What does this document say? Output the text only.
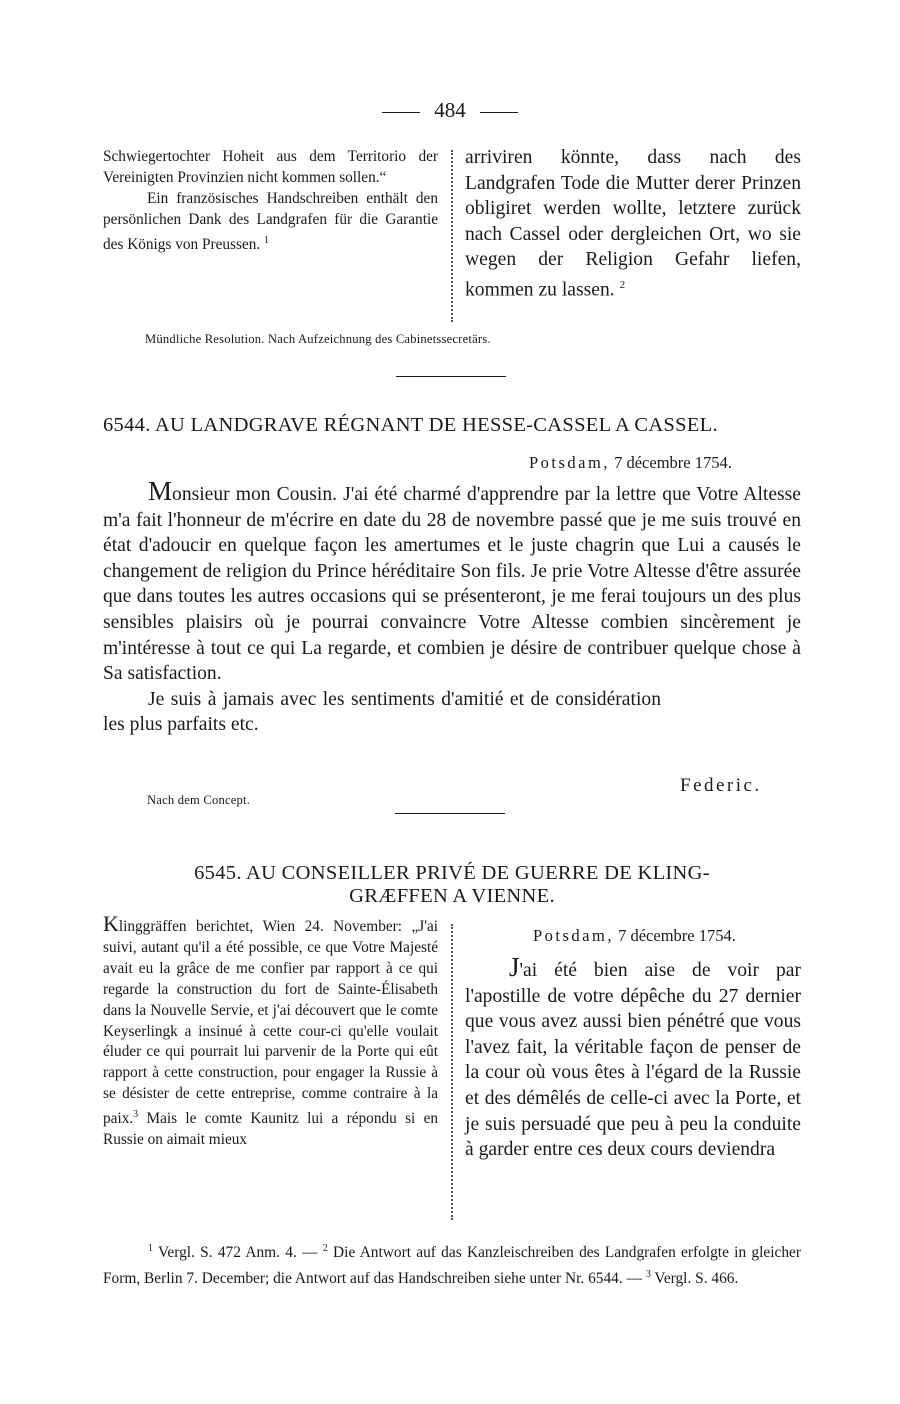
484

Schwiegertochter Hoheit aus dem Territorio der Vereinigten Provinzien nicht kommen sollen.“

Ein französisches Handschreiben enthält den persönlichen Dank des Landgrafen für die Garantie des Königs von Preussen. $^1$

arriviren könnte, dass nach des Landgrafen Tode die Mutter derer Prinzen obligiret werden wollte, letztere zurück nach Cassel oder dergleichen Ort, wo sie wegen der Religion Gefahr liefen, kommen zu lassen. $^2$

Mündliche Resolution. Nach Aufzeichnung des Cabinetssecretärs.
6544. AU LANDGRAVE RÉGNANT DE HESSE-CASSEL A CASSEL.
Potsdam, 7 décembre 1754.

Monsieur mon Cousin. J'ai été charmé d'apprendre par la lettre que Votre Altesse m'a fait l'honneur de m'écrire en date du 28 de novembre passé que je me suis trouvé en état d'adoucir en quelque façon les amertumes et le juste chagrin que Lui a causés le changement de religion du Prince héréditaire Son fils. Je prie Votre Altesse d'être assurée que dans toutes les autres occasions qui se présenteront, je me ferai toujours un des plus sensibles plaisirs où je pourrai convaincre Votre Altesse combien sincèrement je m'intéresse à tout ce qui La regarde, et combien je désire de contribuer quelque chose à Sa satisfaction.

Je suis à jamais avec les sentiments d'amitié et de considération les plus parfaits etc.

Federic.
Nach dem Concept.
6545. AU CONSEILLER PRIVÉ DE GUERRE DE KLING-
GRÆFFEN A VIENNE.

Klinggräffen berichtet, Wien 24. November: „J'ai suivi, autant qu'il a été possible, ce que Votre Majesté avait eu la grâce de me confier par rapport à ce qui regarde la construction du fort de Sainte-Élisabeth dans la Nouvelle Servie, et j'ai découvert que le comte Keyserlingk a insinué à cette cour-ci qu'elle voulait éluder ce qui pourrait lui parvenir de la Porte qui eût rapport à cette construction, pour engager la Russie à se désister de cette entreprise, comme contraire à la paix.$^3$ Mais le comte Kaunitz lui a répondu si en Russie on aimait mieux

Potsdam, 7 décembre 1754.

J'ai été bien aise de voir par l'apostille de votre dépêche du 27 dernier que vous avez aussi bien pénétré que vous l'avez fait, la véritable façon de penser de la cour où vous êtes à l'égard de la Russie et des démêlés de celle-ci avec la Porte, et je suis persuadé que peu à peu la conduite à garder entre ces deux cours deviendra

$^1$ Vergl. S. 472 Anm. 4. — $^2$ Die Antwort auf das Kanzleischreiben des Landgrafen erfolgte in gleicher Form, Berlin 7. December; die Antwort auf das Handschreiben siehe unter Nr. 6544. — $^3$ Vergl. S. 466.
